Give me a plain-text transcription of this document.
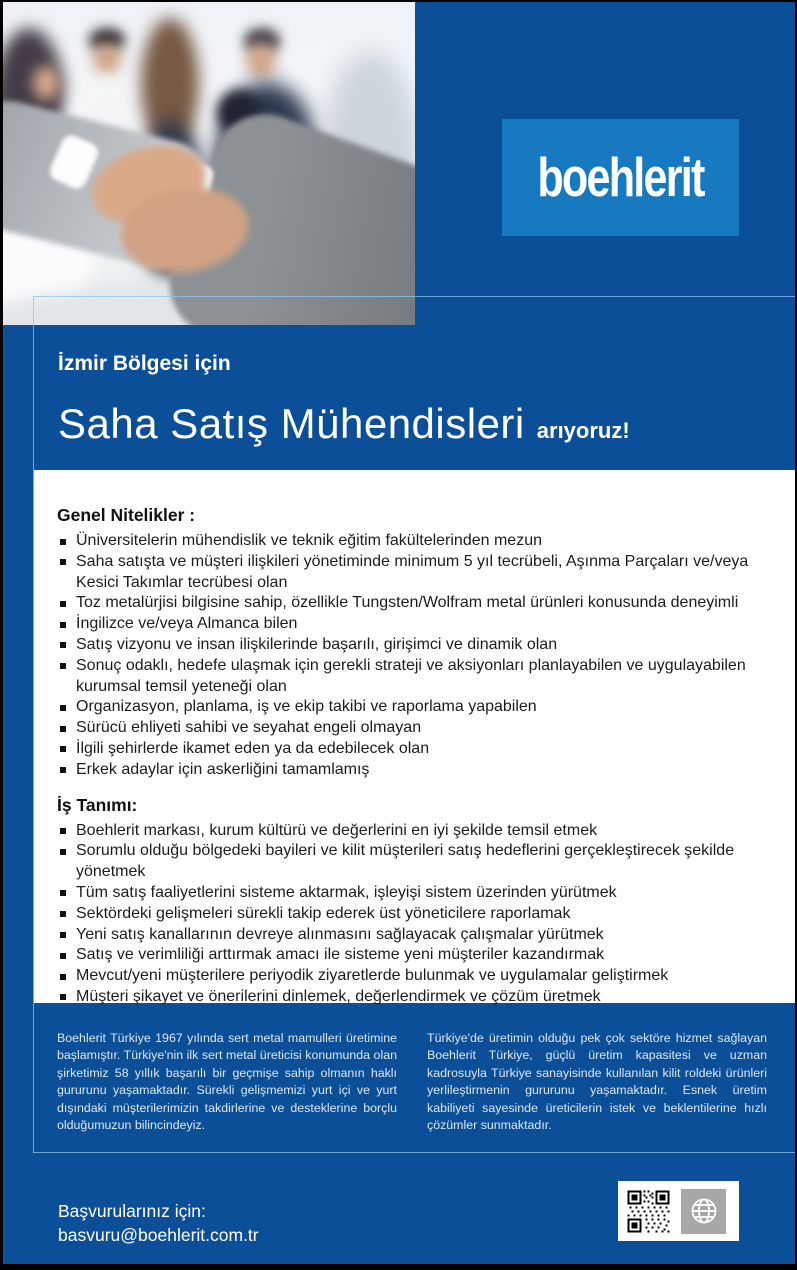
boehlerit
İzmir Bölgesi için
Saha Satış Mühendisleri arıyoruz!
Genel Nitelikler :
Üniversitelerin mühendislik ve teknik eğitim fakültelerinden mezun
Saha satışta ve müşteri ilişkileri yönetiminde minimum 5 yıl tecrübeli, Aşınma Parçaları ve/veya Kesici Takımlar tecrübesi olan
Toz metalürjisi bilgisine sahip, özellikle Tungsten/Wolfram metal ürünleri konusunda deneyimli
İngilizce ve/veya Almanca bilen
Satış vizyonu ve insan ilişkilerinde başarılı, girişimci ve dinamik olan
Sonuç odaklı, hedefe ulaşmak için gerekli strateji ve aksiyonları planlayabilen ve uygulayabilen kurumsal temsil yeteneği olan
Organizasyon, planlama, iş ve ekip takibi ve raporlama yapabilen
Sürücü ehliyeti sahibi ve seyahat engeli olmayan
İlgili şehirlerde ikamet eden ya da edebilecek olan
Erkek adaylar için askerliğini tamamlamış
İş Tanımı:
Boehlerit markası, kurum kültürü ve değerlerini en iyi şekilde temsil etmek
Sorumlu olduğu bölgedeki bayileri ve kilit müşterileri satış hedeflerini gerçekleştirecek şekilde yönetmek
Tüm satış faaliyetlerini sisteme aktarmak, işleyişi sistem üzerinden yürütmek
Sektördeki gelişmeleri sürekli takip ederek üst yöneticilere raporlamak
Yeni satış kanallarının devreye alınmasını sağlayacak çalışmalar yürütmek
Satış ve verimliliği arttırmak amacı ile sisteme yeni müşteriler kazandırmak
Mevcut/yeni müşterilere periyodik ziyaretlerde bulunmak ve uygulamalar geliştirmek
Müşteri şikayet ve önerilerini dinlemek, değerlendirmek ve çözüm üretmek

Boehlerit Türkiye 1967 yılında sert metal mamulleri üretimine başlamıştır. Türkiye'nin ilk sert metal üreticisi konumunda olan şirketimiz 58 yıllık başarılı bir geçmişe sahip olmanın haklı gururunu yaşamaktadır. Sürekli gelişmemizi yurt içi ve yurt dışındaki müşterilerimizin takdirlerine ve desteklerine borçlu olduğumuzun bilincindeyiz.

Türkiye'de üretimin olduğu pek çok sektöre hizmet sağlayan Boehlerit Türkiye, güçlü üretim kapasitesi ve uzman kadrosuyla Türkiye sanayisinde kullanılan kilit roldeki ürünleri yerlileştirmenin gururunu yaşamaktadır. Esnek üretim kabiliyeti sayesinde üreticilerin istek ve beklentilerine hızlı çözümler sunmaktadır.

Başvurularınız için:
basvuru@boehlerit.com.tr
